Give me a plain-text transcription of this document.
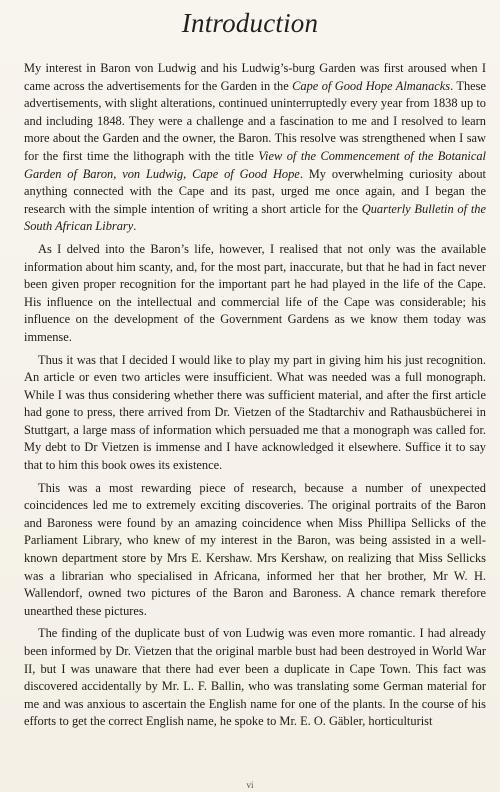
Introduction

My interest in Baron von Ludwig and his Ludwig’s-burg Garden was first aroused when I came across the advertisements for the Garden in the Cape of Good Hope Almanacks. These advertisements, with slight alterations, continued uninterruptedly every year from 1838 up to and including 1848. They were a challenge and a fascination to me and I resolved to learn more about the Garden and the owner, the Baron. This resolve was strengthened when I saw for the first time the lithograph with the title View of the Commencement of the Botanical Garden of Baron, von Ludwig, Cape of Good Hope. My overwhelming curiosity about anything connected with the Cape and its past, urged me once again, and I began the research with the simple intention of writing a short article for the Quarterly Bulletin of the South African Library.

As I delved into the Baron’s life, however, I realised that not only was the available information about him scanty, and, for the most part, inaccurate, but that he had in fact never been given proper recognition for the important part he had played in the life of the Cape. His influence on the intellectual and commercial life of the Cape was considerable; his influence on the development of the Government Gardens as we know them today was immense.

Thus it was that I decided I would like to play my part in giving him his just recognition. An article or even two articles were insufficient. What was needed was a full monograph. While I was thus considering whether there was sufficient material, and after the first article had gone to press, there arrived from Dr. Vietzen of the Stadtarchiv and Rathausbücherei in Stuttgart, a large mass of information which persuaded me that a monograph was called for. My debt to Dr Vietzen is immense and I have acknowledged it elsewhere. Suffice it to say that to him this book owes its existence.

This was a most rewarding piece of research, because a number of unexpected coincidences led me to extremely exciting discoveries. The original portraits of the Baron and Baroness were found by an amazing coincidence when Miss Phillipa Sellicks of the Parliament Library, who knew of my interest in the Baron, was being assisted in a well-known department store by Mrs E. Kershaw. Mrs Kershaw, on realizing that Miss Sellicks was a librarian who specialised in Africana, informed her that her brother, Mr W. H. Wallendorf, owned two pictures of the Baron and Baroness. A chance remark therefore unearthed these pictures.

The finding of the duplicate bust of von Ludwig was even more romantic. I had already been informed by Dr. Vietzen that the original marble bust had been destroyed in World War II, but I was unaware that there had ever been a duplicate in Cape Town. This fact was discovered accidentally by Mr. L. F. Ballin, who was translating some German material for me and was anxious to ascertain the English name for one of the plants. In the course of his efforts to get the correct English name, he spoke to Mr. E. O. Gäbler, horticulturist

vi
